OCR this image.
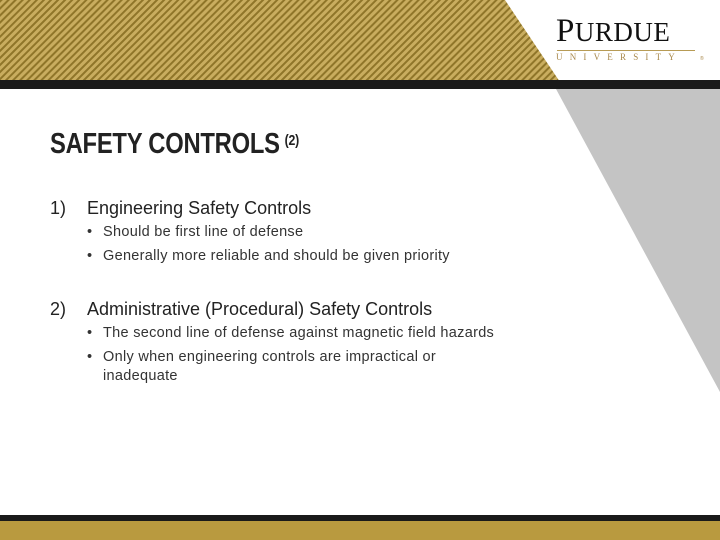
PURDUE
UNIVERSITY	®
SAFETY CONTROLS $^{(2)}$
1) Engineering Safety Controls
• Should be first line of defense
• Generally more reliable and should be given priority
2) Administrative (Procedural) Safety Controls
• The second line of defense against magnetic field hazards
• Only when engineering controls are impractical or inadequate
